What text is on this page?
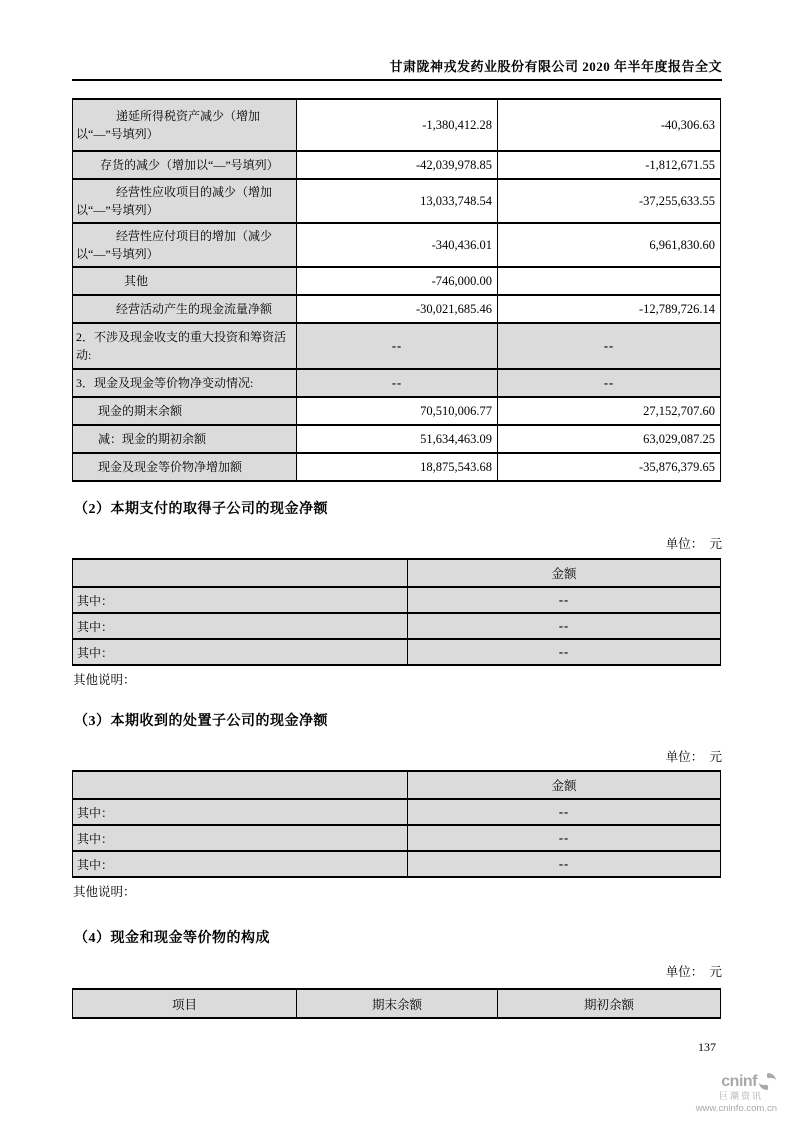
甘肃陇神戎发药业股份有限公司 2020 年半年度报告全文
递延所得税资产减少（增加以“—”号填列）	-1,380,412.28	-40,306.63
存货的减少（增加以“—”号填列）	-42,039,978.85	-1,812,671.55
经营性应收项目的减少（增加以“—”号填列）	13,033,748.54	-37,255,633.55
经营性应付项目的增加（减少以“—”号填列）	-340,436.01	6,961,830.60
其他	-746,000.00	
经营活动产生的现金流量净额	-30,021,685.46	-12,789,726.14
2．不涉及现金收支的重大投资和筹资活动:	--	--
3．现金及现金等价物净变动情况:	--	--
现金的期末余额	70,510,006.77	27,152,707.60
减：现金的期初余额	51,634,463.09	63,029,087.25
现金及现金等价物净增加额	18,875,543.68	-35,876,379.65
（2）本期支付的取得子公司的现金净额
单位：  元
	金额
其中：	--
其中：	--
其中：	--
其他说明：
（3）本期收到的处置子公司的现金净额
单位：  元
	金额
其中：	--
其中：	--
其中：	--
其他说明：
（4）现金和现金等价物的构成
单位：  元
项目	期末余额	期初余额
137
cninf
巨潮资讯
www.cninfo.com.cn
